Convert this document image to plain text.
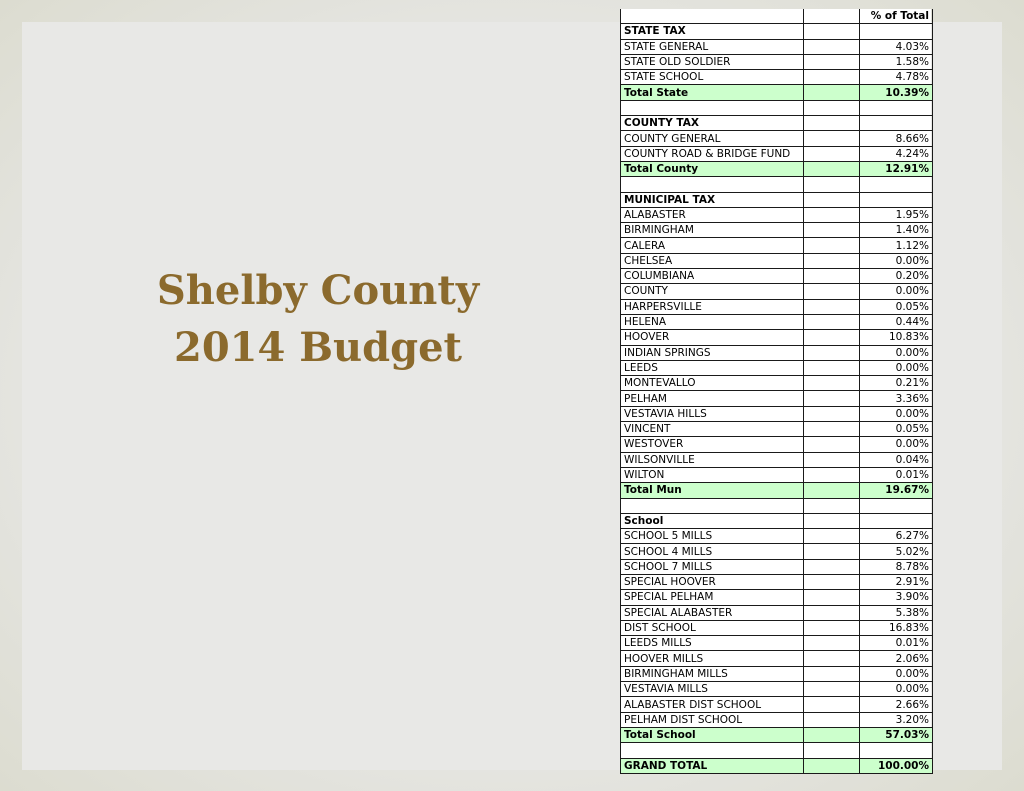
Shelby County
2014 Budget
		% of Total
STATE TAX		
STATE GENERAL		4.03%
STATE OLD SOLDIER		1.58%
STATE SCHOOL		4.78%
Total State		10.39%

COUNTY TAX		
COUNTY GENERAL		8.66%
COUNTY ROAD & BRIDGE FUND		4.24%
Total County		12.91%

MUNICIPAL TAX		
ALABASTER		1.95%
BIRMINGHAM		1.40%
CALERA		1.12%
CHELSEA		0.00%
COLUMBIANA		0.20%
COUNTY		0.00%
HARPERSVILLE		0.05%
HELENA		0.44%
HOOVER		10.83%
INDIAN SPRINGS		0.00%
LEEDS		0.00%
MONTEVALLO		0.21%
PELHAM		3.36%
VESTAVIA HILLS		0.00%
VINCENT		0.05%
WESTOVER		0.00%
WILSONVILLE		0.04%
WILTON		0.01%
Total Mun		19.67%

School		
SCHOOL 5 MILLS		6.27%
SCHOOL 4 MILLS		5.02%
SCHOOL 7 MILLS		8.78%
SPECIAL HOOVER		2.91%
SPECIAL PELHAM		3.90%
SPECIAL ALABASTER		5.38%
DIST SCHOOL		16.83%
LEEDS MILLS		0.01%
HOOVER MILLS		2.06%
BIRMINGHAM MILLS		0.00%
VESTAVIA MILLS		0.00%
ALABASTER DIST SCHOOL		2.66%
PELHAM DIST SCHOOL		3.20%
Total School		57.03%

GRAND TOTAL		100.00%
